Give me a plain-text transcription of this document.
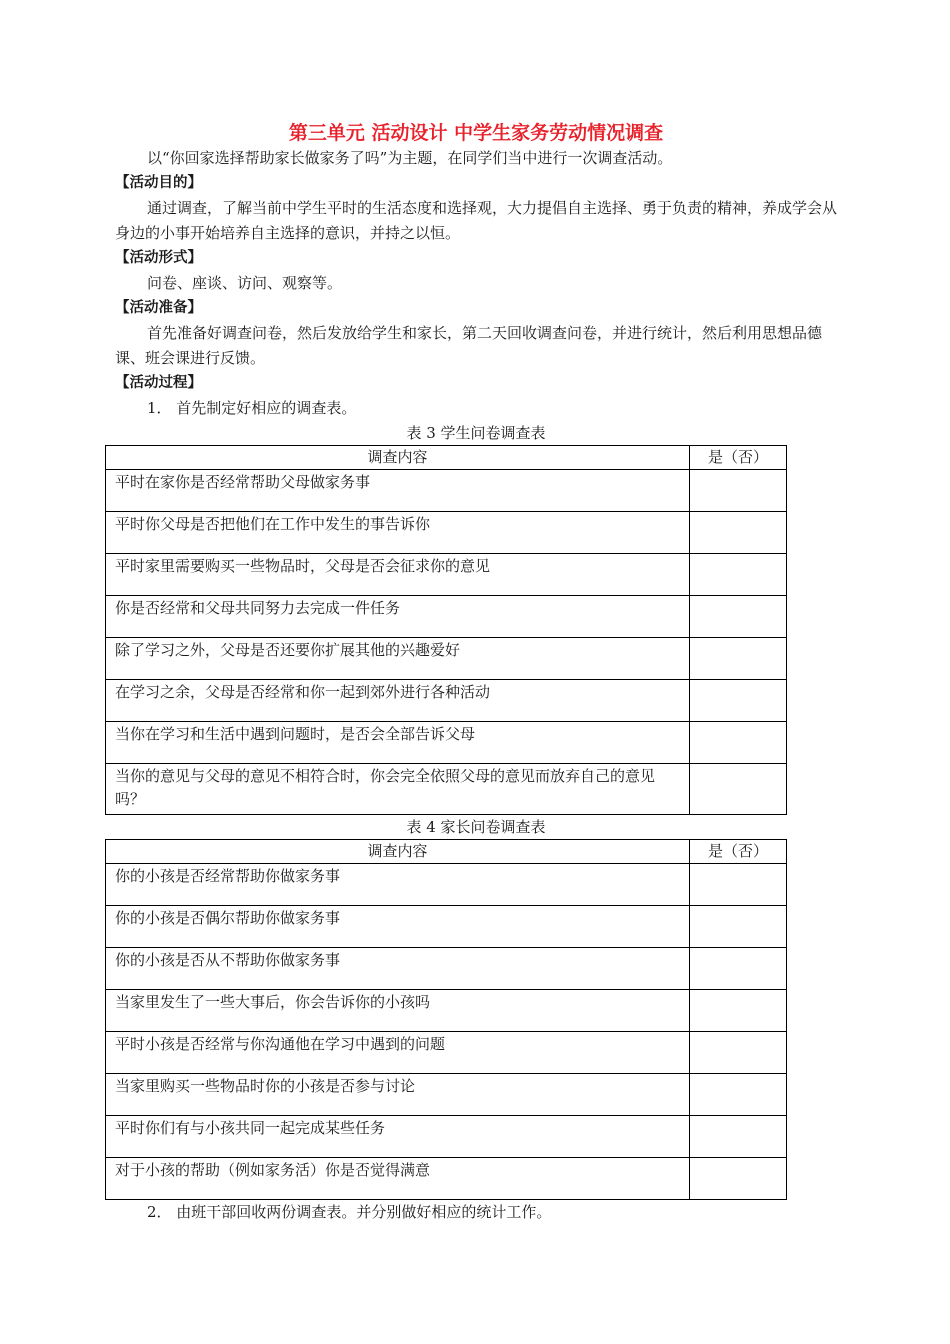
第三单元 活动设计 中学生家务劳动情况调查

以“你回家选择帮助家长做家务了吗”为主题，在同学们当中进行一次调查活动。

【活动目的】

通过调查，了解当前中学生平时的生活态度和选择观，大力提倡自主选择、勇于负责的精神，养成学会从身边的小事开始培养自主选择的意识，并持之以恒。

【活动形式】

问卷、座谈、访问、观察等。

【活动准备】

首先准备好调查问卷，然后发放给学生和家长，第二天回收调查问卷，并进行统计，然后利用思想品德课、班会课进行反馈。

【活动过程】

1． 首先制定好相应的调查表。

表 3 学生问卷调查表

调查内容	是（否）
平时在家你是否经常帮助父母做家务事	
平时你父母是否把他们在工作中发生的事告诉你	
平时家里需要购买一些物品时，父母是否会征求你的意见	
你是否经常和父母共同努力去完成一件任务	
除了学习之外，父母是否还要你扩展其他的兴趣爱好	
在学习之余，父母是否经常和你一起到郊外进行各种活动	
当你在学习和生活中遇到问题时，是否会全部告诉父母	
当你的意见与父母的意见不相符合时，你会完全依照父母的意见而放弃自己的意见吗？	

表 4 家长问卷调查表

调查内容	是（否）
你的小孩是否经常帮助你做家务事	
你的小孩是否偶尔帮助你做家务事	
你的小孩是否从不帮助你做家务事	
当家里发生了一些大事后，你会告诉你的小孩吗	
平时小孩是否经常与你沟通他在学习中遇到的问题	
当家里购买一些物品时你的小孩是否参与讨论	
平时你们有与小孩共同一起完成某些任务	
对于小孩的帮助（例如家务活）你是否觉得满意	

2． 由班干部回收两份调查表。并分别做好相应的统计工作。
